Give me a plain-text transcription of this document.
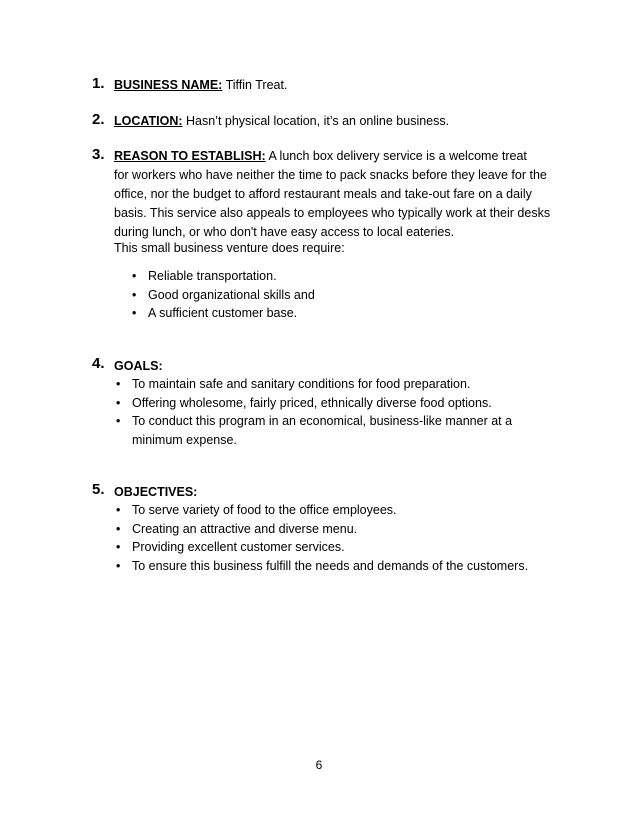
1. BUSINESS NAME: Tiffin Treat.
2. LOCATION: Hasn’t physical location, it’s an online business.
3. REASON TO ESTABLISH: A lunch box delivery service is a welcome treat
for workers who have neither the time to pack snacks before they leave for the office, nor the budget to afford restaurant meals and take-out fare on a daily basis. This service also appeals to employees who typically work at their desks during lunch, or who don't have easy access to local eateries.
This small business venture does require:
• Reliable transportation.
• Good organizational skills and
• A sufficient customer base.
4. GOALS:
• To maintain safe and sanitary conditions for food preparation.
• Offering wholesome, fairly priced, ethnically diverse food options.
• To conduct this program in an economical, business-like manner at a minimum expense.
5. OBJECTIVES:
• To serve variety of food to the office employees.
• Creating an attractive and diverse menu.
• Providing excellent customer services.
• To ensure this business fulfill the needs and demands of the customers.
6
